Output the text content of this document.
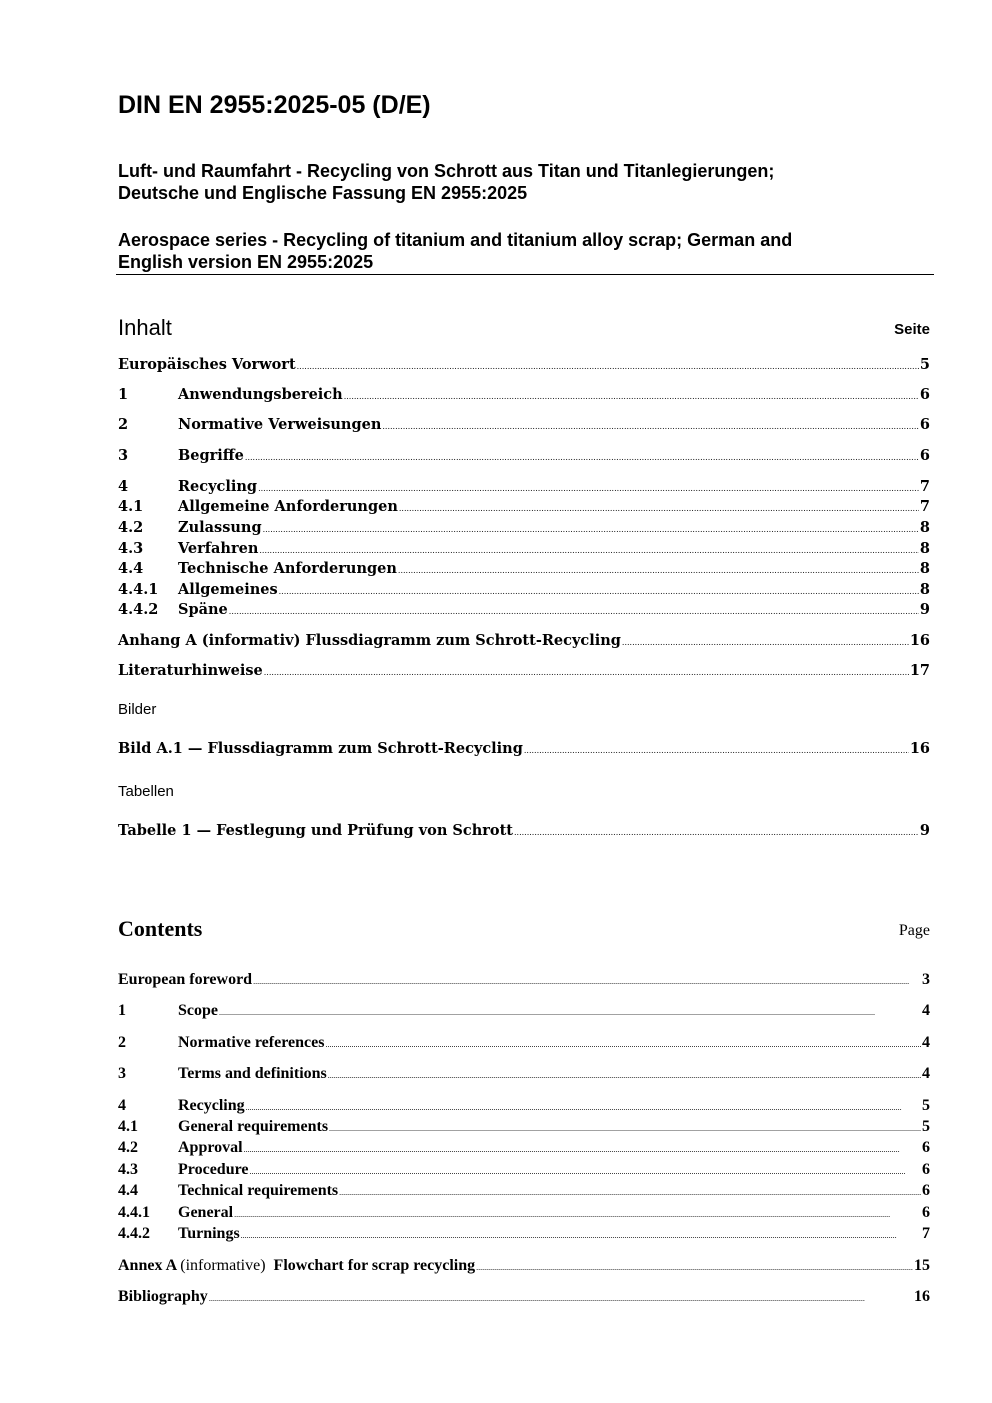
DIN EN 2955:2025-05 (D/E)
Luft- und Raumfahrt - Recycling von Schrott aus Titan und Titanlegierungen;
Deutsche und Englische Fassung EN 2955:2025
Aerospace series - Recycling of titanium and titanium alloy scrap; German and
English version EN 2955:2025
Inhalt	Seite
Europäisches Vorwort .....	5
1	Anwendungsbereich .....	6
2	Normative Verweisungen .....	6
3	Begriffe .....	6
4	Recycling .....	7
4.1	Allgemeine Anforderungen .....	7
4.2	Zulassung .....	8
4.3	Verfahren .....	8
4.4	Technische Anforderungen .....	8
4.4.1	Allgemeines .....	8
4.4.2	Späne .....	9
Anhang A (informativ) Flussdiagramm zum Schrott-Recycling .....	16
Literaturhinweise .....	17
Bilder
Bild A.1 — Flussdiagramm zum Schrott-Recycling .....	16
Tabellen
Tabelle 1 — Festlegung und Prüfung von Schrott .....	9
Contents	Page
European foreword .....	3
1	Scope .....	4
2	Normative references .....	4
3	Terms and definitions .....	4
4	Recycling .....	5
4.1	General requirements .....	5
4.2	Approval .....	6
4.3	Procedure .....	6
4.4	Technical requirements .....	6
4.4.1	General .....	6
4.4.2	Turnings .....	7
Annex A (informative)  Flowchart for scrap recycling .....	15
Bibliography .....	16
